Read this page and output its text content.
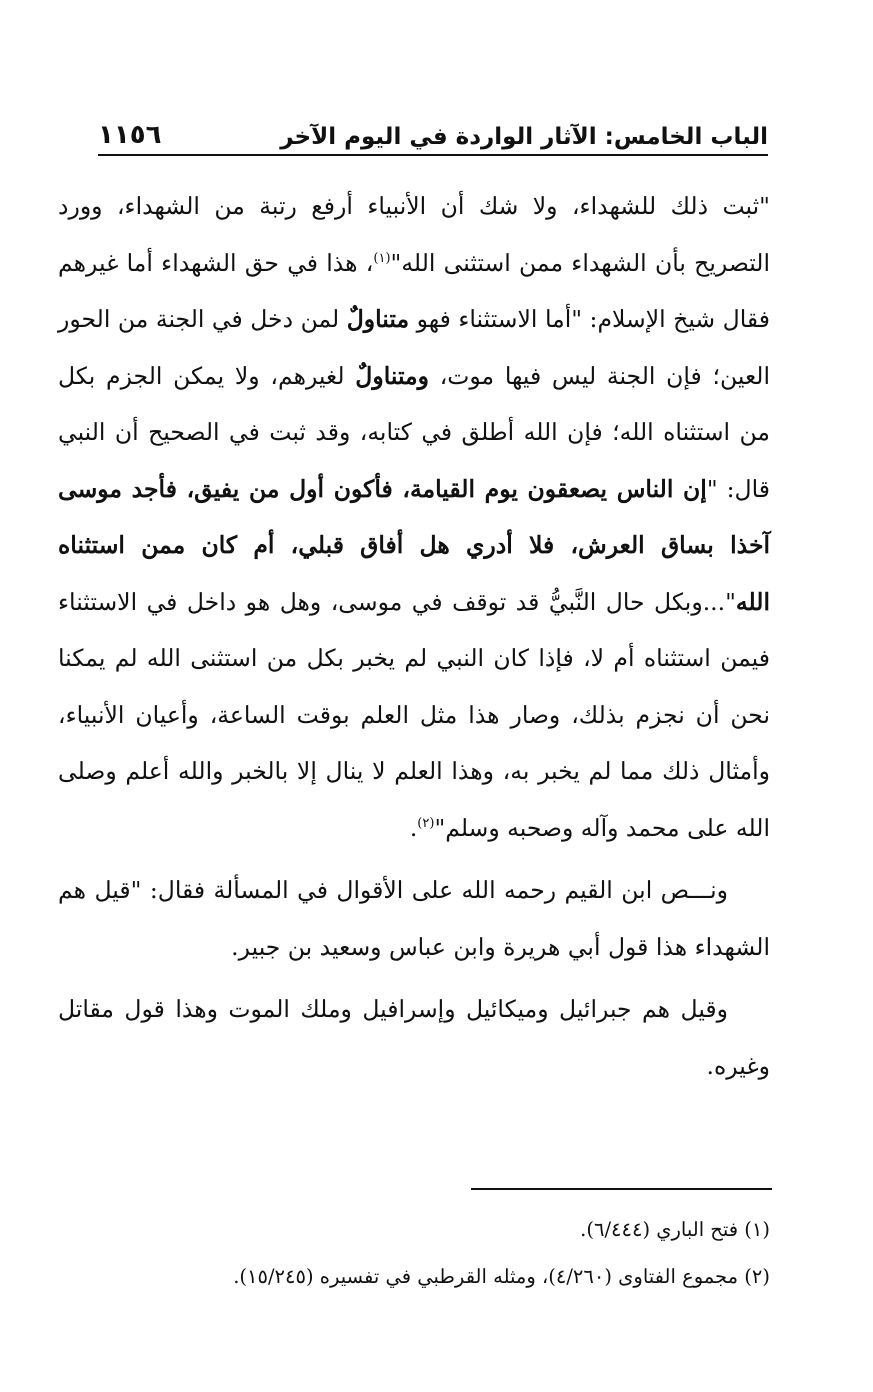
الباب الخامس: الآثار الواردة في اليوم الآخر
١١٥٦

"ثبت ذلك للشهداء، ولا شك أن الأنبياء أرفع رتبة من الشهداء، وورد التصريح بأن الشهداء ممن استثنى الله"$^{(١)}$، هذا في حق الشهداء أما غيرهم فقال شيخ الإسلام: "أما الاستثناء فهو متناولٌ لمن دخل في الجنة من الحور العين؛ فإن الجنة ليس فيها موت، ومتناولٌ لغيرهم، ولا يمكن الجزم بكل من استثناه الله؛ فإن الله أطلق في كتابه، وقد ثبت في الصحيح أن النبي قال: "إن الناس يصعقون يوم القيامة، فأكون أول من يفيق، فأجد موسى آخذا بساق العرش، فلا أدري هل أفاق قبلي، أم كان ممن استثناه الله"...وبكل حال النَّبيُّ قد توقف في موسى، وهل هو داخل في الاستثناء فيمن استثناه أم لا، فإذا كان النبي لم يخبر بكل من استثنى الله لم يمكنا نحن أن نجزم بذلك، وصار هذا مثل العلم بوقت الساعة، وأعيان الأنبياء، وأمثال ذلك مما لم يخبر به، وهذا العلم لا ينال إلا بالخبر والله أعلم وصلى الله على محمد وآله وصحبه وسلم"$^{(٢)}$.

ونـــص ابن القيم رحمه الله على الأقوال في المسألة فقال: "قيل هم الشهداء هذا قول أبي هريرة وابن عباس وسعيد بن جبير.

وقيل هم جبرائيل وميكائيل وإسرافيل وملك الموت وهذا قول مقاتل وغيره.

(١) فتح الباري (٦/٤٤٤).
(٢) مجموع الفتاوى (٤/٢٦٠)، ومثله القرطبي في تفسيره (١٥/٢٤٥).
